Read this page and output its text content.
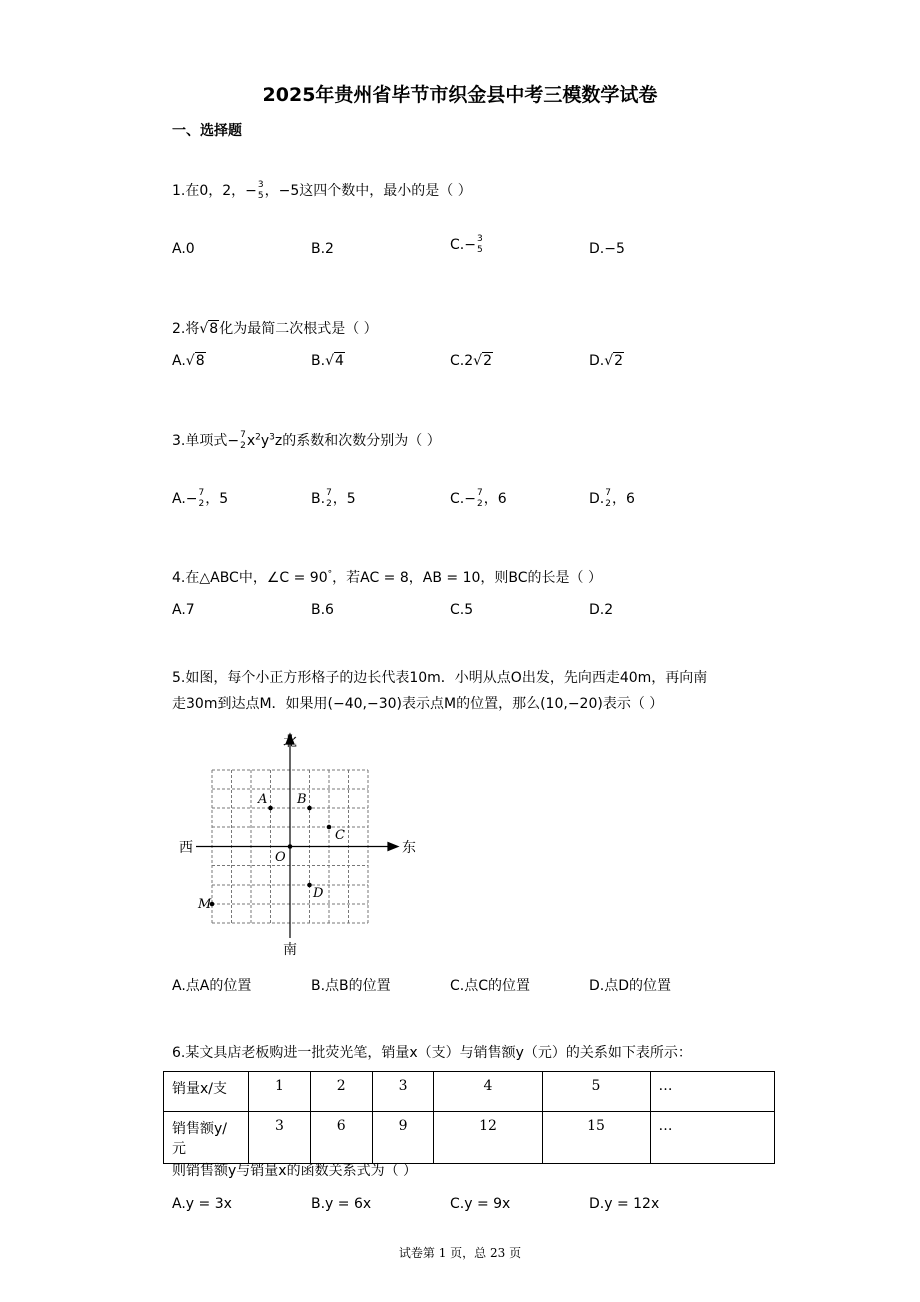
2025年贵州省毕节市织金县中考三模数学试卷
一、选择题
1.在0，2，− 3
5 ，−5这四个数中，最小的是（ ）
A.0	B.2	C.− 3
5	D.−5
2.将√8化为最简二次根式是（ ）
A.√8	B.√4	C.2√2	D.√2
3.单项式− 7
2 $x^2y^3z$的系数和次数分别为（ ）
A.− 7
2 ，5	B. 7
2 ，5	C.− 7
2 ，6	D. 7
2 ，6
4.在△ABC中，∠C = 90°，若AC = 8，AB = 10，则BC的长是（ ）
A.7	B.6	C.5	D.2
5.如图，每个小正方形格子的边长代表10m．小明从点O出发，先向西走40m，再向南
走30m到达点M．如果用(−40,−30)表示点M的位置，那么(10,−20)表示（ ）
北
南
西	东
A B
C
O
D
M
A.点A的位置	B.点B的位置	C.点C的位置	D.点D的位置
6.某文具店老板购进一批荧光笔，销量x（支）与销售额y（元）的关系如下表所示：
销量x/支	1	2	3	4	5	…
销售额y/
元	3	6	9	12	15	…
则销售额y与销量x的函数关系式为（ ）
A.y = 3x	B.y = 6x	C.y = 9x	D.y = 12x
试卷第 1 页，总 23 页
